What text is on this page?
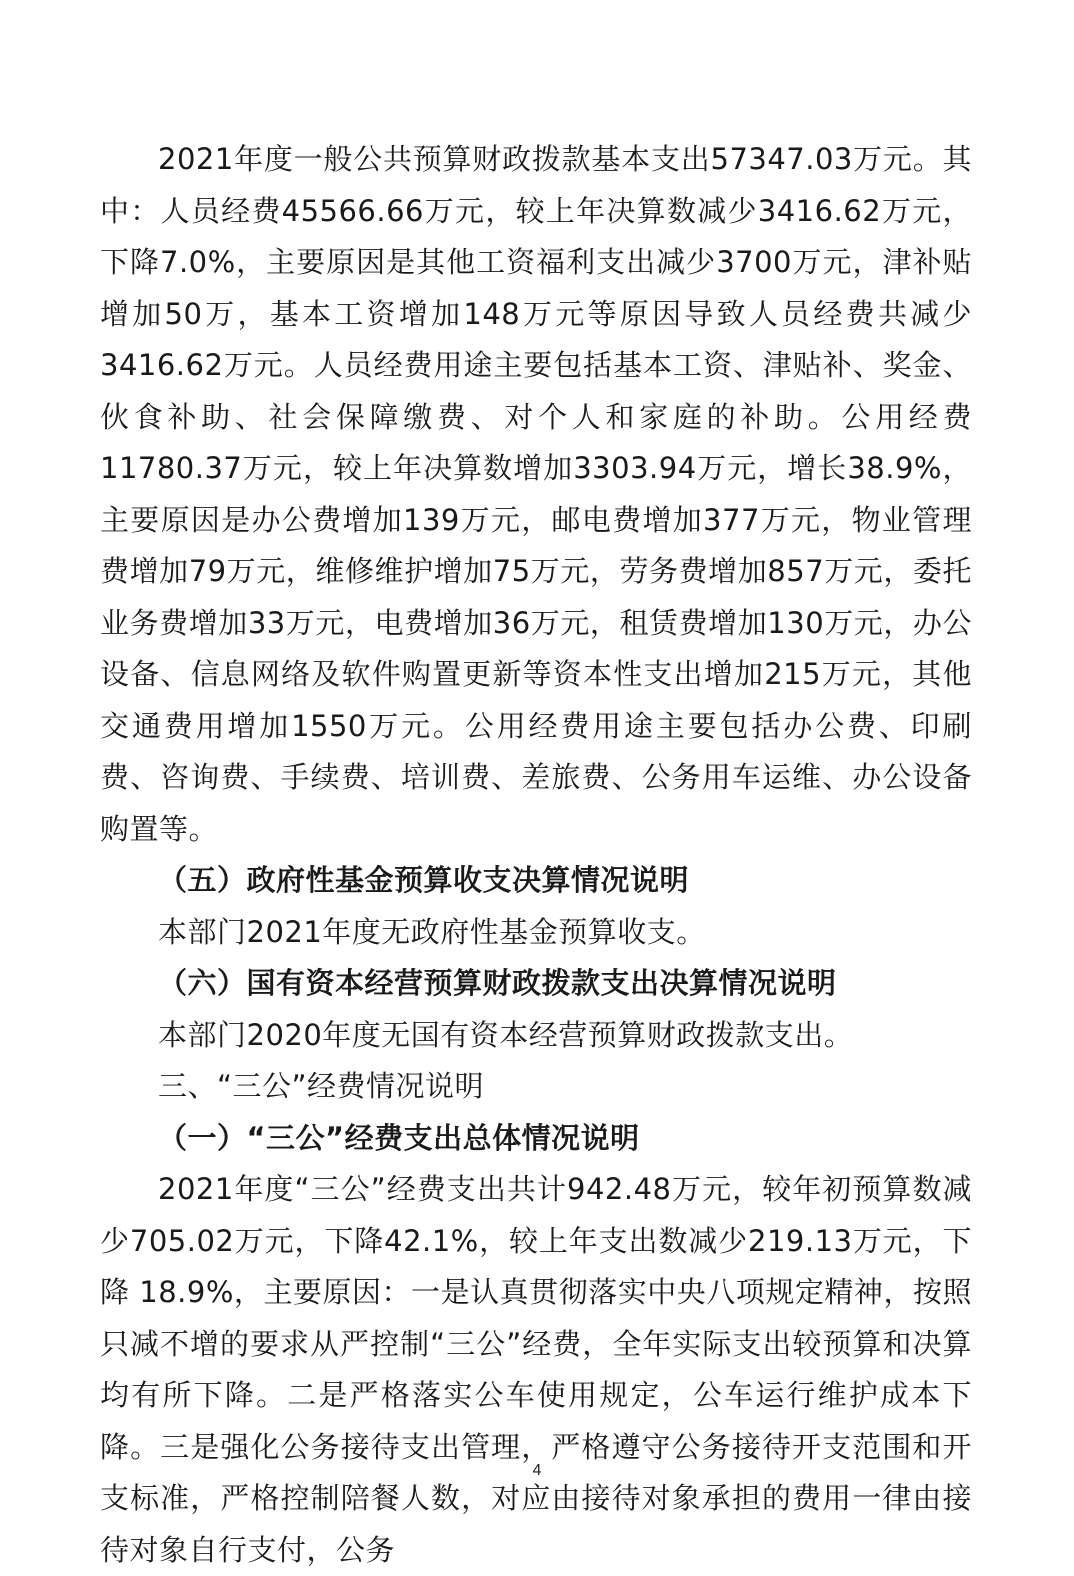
2021年度一般公共预算财政拨款基本支出57347.03万元。其中：人员经费45566.66万元，较上年决算数减少3416.62万元，下降7.0%，主要原因是其他工资福利支出减少3700万元，津补贴增加50万，基本工资增加148万元等原因导致人员经费共减少3416.62万元。人员经费用途主要包括基本工资、津贴补、奖金、伙食补助、社会保障缴费、对个人和家庭的补助。公用经费11780.37万元，较上年决算数增加3303.94万元，增长38.9%，主要原因是办公费增加139万元，邮电费增加377万元，物业管理费增加79万元，维修维护增加75万元，劳务费增加857万元，委托业务费增加33万元，电费增加36万元，租赁费增加130万元，办公设备、信息网络及软件购置更新等资本性支出增加215万元，其他交通费用增加1550万元。公用经费用途主要包括办公费、印刷费、咨询费、手续费、培训费、差旅费、公务用车运维、办公设备购置等。

（五）政府性基金预算收支决算情况说明

本部门2021年度无政府性基金预算收支。

（六）国有资本经营预算财政拨款支出决算情况说明

本部门2020年度无国有资本经营预算财政拨款支出。

三、“三公”经费情况说明

（一）“三公”经费支出总体情况说明

2021年度“三公”经费支出共计942.48万元，较年初预算数减少705.02万元，下降42.1%，较上年支出数减少219.13万元，下降 18.9%，主要原因：一是认真贯彻落实中央八项规定精神，按照只减不增的要求从严控制“三公”经费，全年实际支出较预算和决算均有所下降。二是严格落实公车使用规定，公车运行维护成本下降。三是强化公务接待支出管理，严格遵守公务接待开支范围和开支标准，严格控制陪餐人数，对应由接待对象承担的费用一律由接待对象自行支付，公务

4
